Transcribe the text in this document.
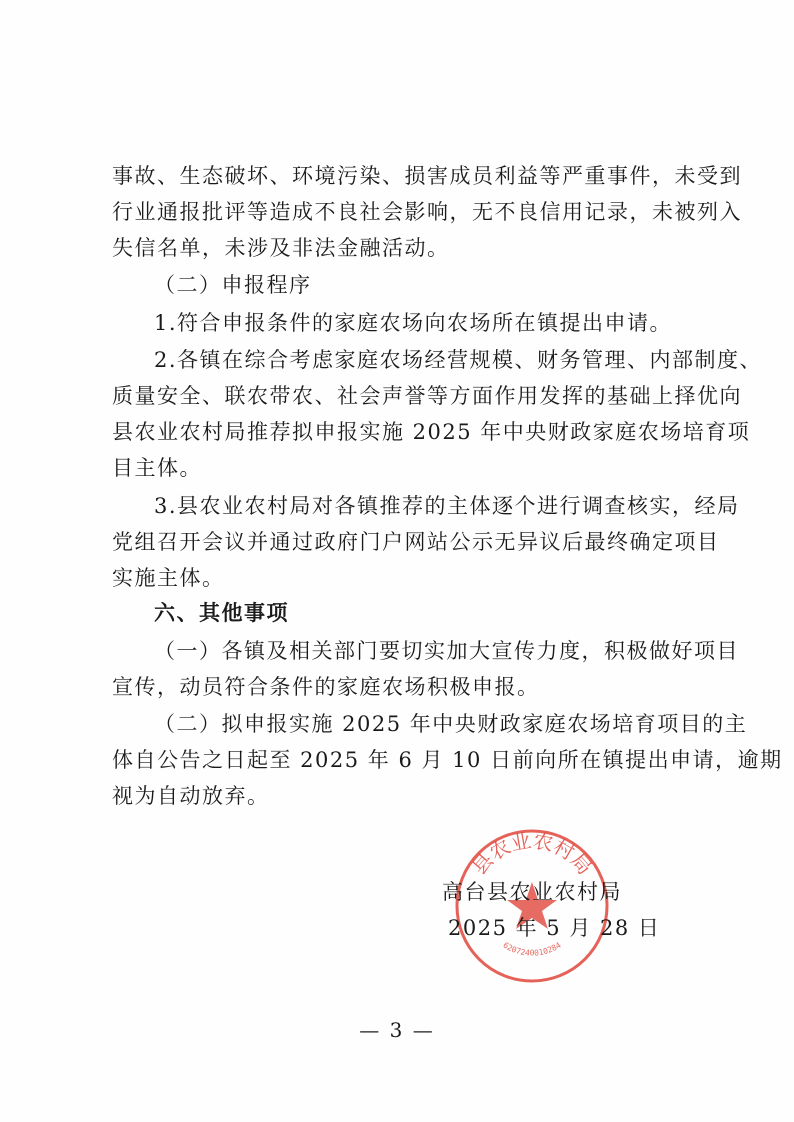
事故、生态破坏、环境污染、损害成员利益等严重事件，未受到
行业通报批评等造成不良社会影响，无不良信用记录，未被列入
失信名单，未涉及非法金融活动。
（二）申报程序
1.符合申报条件的家庭农场向农场所在镇提出申请。
2.各镇在综合考虑家庭农场经营规模、财务管理、内部制度、
质量安全、联农带农、社会声誉等方面作用发挥的基础上择优向
县农业农村局推荐拟申报实施 2025 年中央财政家庭农场培育项
目主体。
3.县农业农村局对各镇推荐的主体逐个进行调查核实，经局
党组召开会议并通过政府门户网站公示无异议后最终确定项目
实施主体。
六、其他事项
（一）各镇及相关部门要切实加大宣传力度，积极做好项目
宣传，动员符合条件的家庭农场积极申报。
（二）拟申报实施 2025 年中央财政家庭农场培育项目的主
体自公告之日起至 2025 年 6 月 10 日前向所在镇提出申请，逾期
视为自动放弃。
县农业农村局
6207240010284
高台县农业农村局
2025 年 5 月 28 日
— 3 —
